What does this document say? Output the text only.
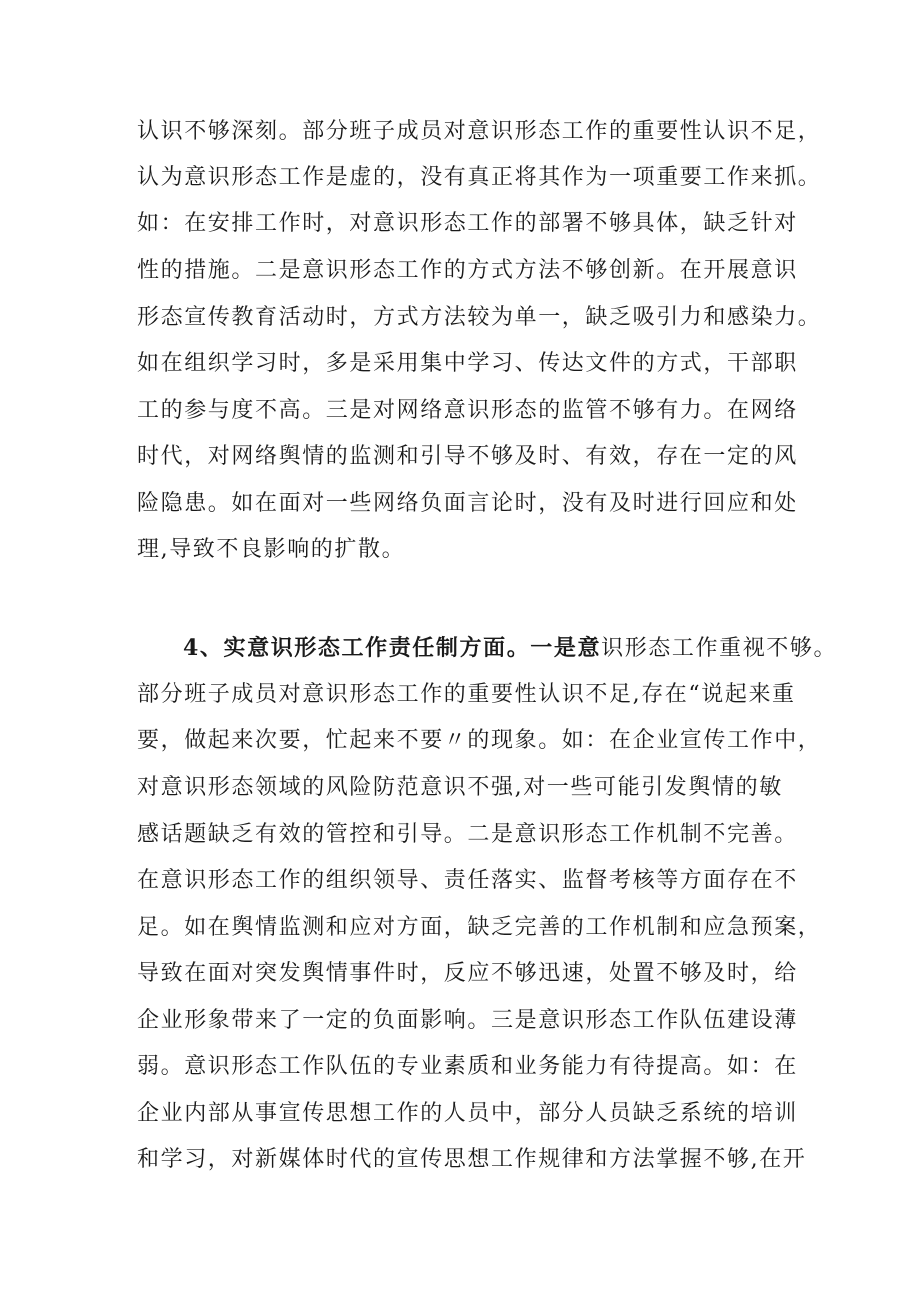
认识不够深刻。部分班子成员对意识形态工作的重要性认识不足，
认为意识形态工作是虚的，没有真正将其作为一项重要工作来抓。
如：在安排工作时，对意识形态工作的部署不够具体，缺乏针对
性的措施。二是意识形态工作的方式方法不够创新。在开展意识
形态宣传教育活动时，方式方法较为单一，缺乏吸引力和感染力。
如在组织学习时，多是采用集中学习、传达文件的方式，干部职
工的参与度不高。三是对网络意识形态的监管不够有力。在网络
时代，对网络舆情的监测和引导不够及时、有效，存在一定的风
险隐患。如在面对一些网络负面言论时，没有及时进行回应和处
理,导致不良影响的扩散。
4、实意识形态工作责任制方面。一是意识形态工作重视不够。
部分班子成员对意识形态工作的重要性认识不足,存在“说起来重
要，做起来次要，忙起来不要〃的现象。如：在企业宣传工作中，
对意识形态领域的风险防范意识不强,对一些可能引发舆情的敏
感话题缺乏有效的管控和引导。二是意识形态工作机制不完善。
在意识形态工作的组织领导、责任落实、监督考核等方面存在不
足。如在舆情监测和应对方面，缺乏完善的工作机制和应急预案，
导致在面对突发舆情事件时，反应不够迅速，处置不够及时，给
企业形象带来了一定的负面影响。三是意识形态工作队伍建设薄
弱。意识形态工作队伍的专业素质和业务能力有待提高。如：在
企业内部从事宣传思想工作的人员中，部分人员缺乏系统的培训
和学习，对新媒体时代的宣传思想工作规律和方法掌握不够,在开
